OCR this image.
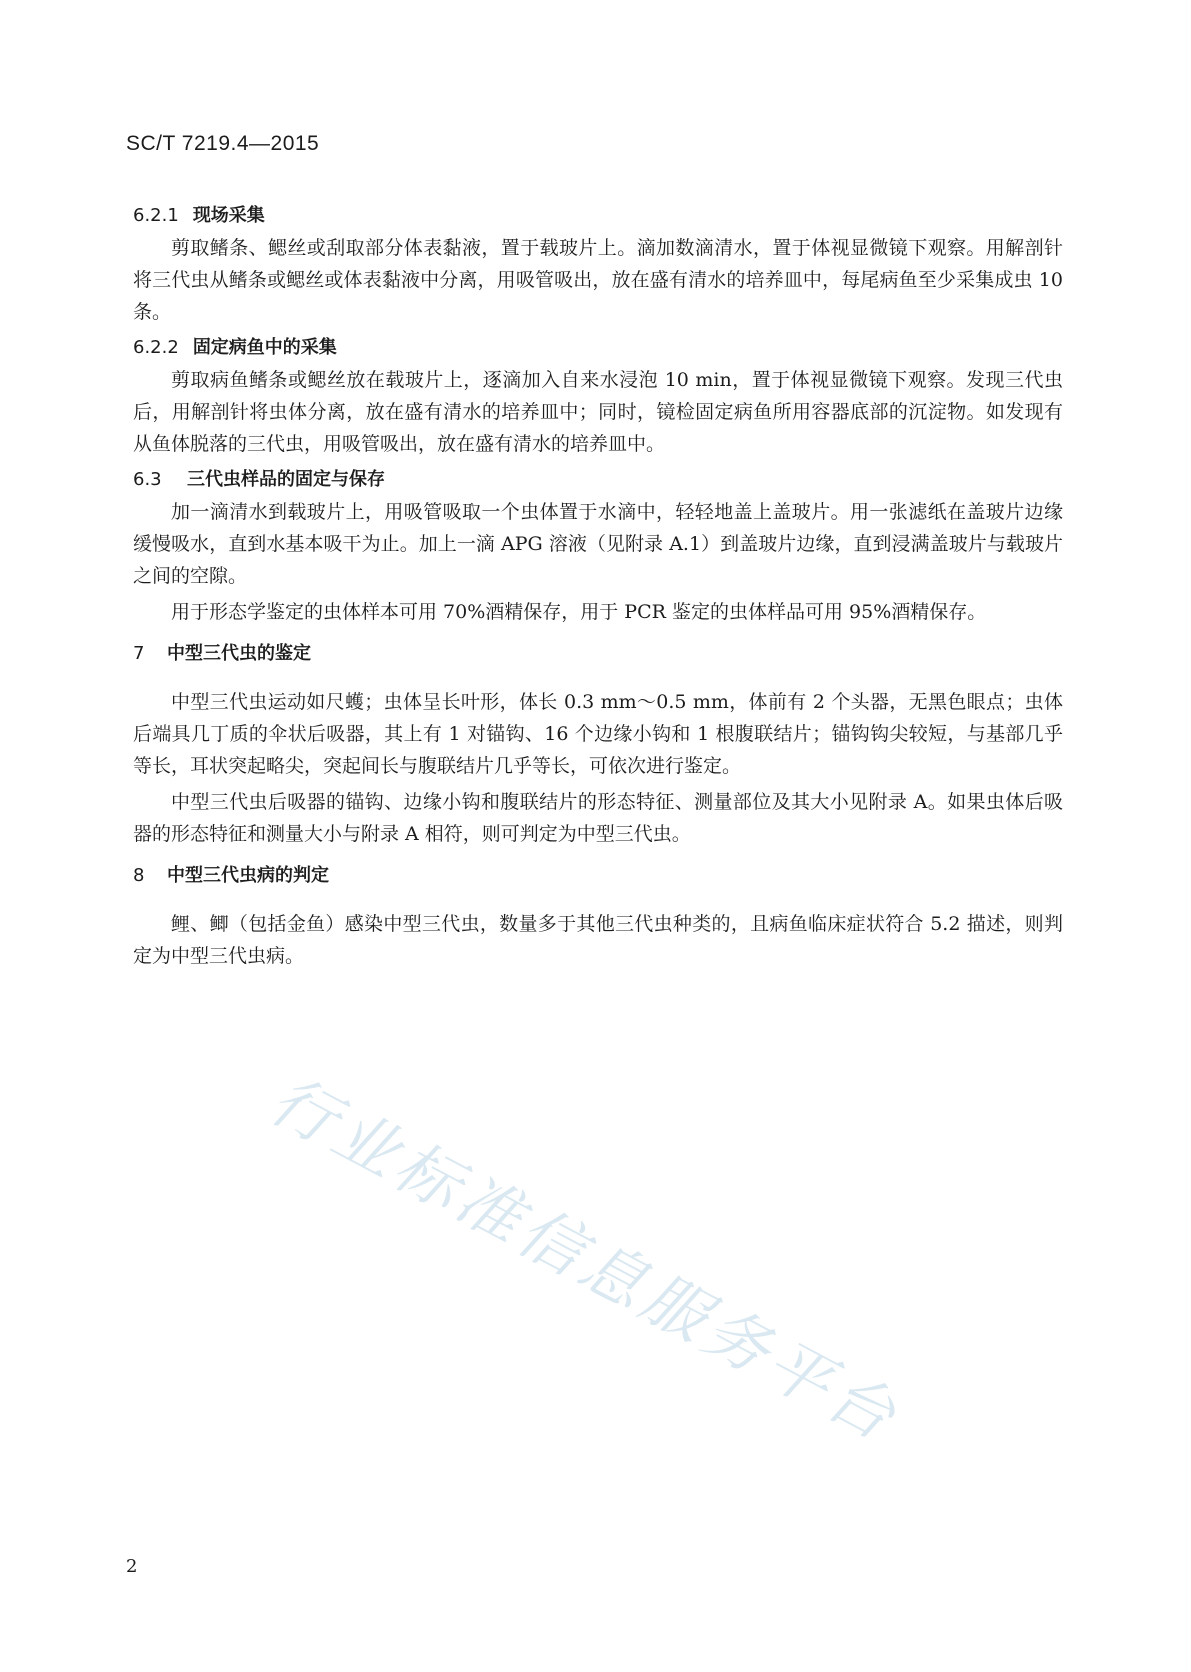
SC/T 7219.4—2015
6.2.1 现场采集

剪取鳍条、鳃丝或刮取部分体表黏液，置于载玻片上。滴加数滴清水，置于体视显微镜下观察。用解剖针将三代虫从鳍条或鳃丝或体表黏液中分离，用吸管吸出，放在盛有清水的培养皿中，每尾病鱼至少采集成虫 10 条。

6.2.2 固定病鱼中的采集

剪取病鱼鳍条或鳃丝放在载玻片上，逐滴加入自来水浸泡 10 min，置于体视显微镜下观察。发现三代虫后，用解剖针将虫体分离，放在盛有清水的培养皿中；同时，镜检固定病鱼所用容器底部的沉淀物。如发现有从鱼体脱落的三代虫，用吸管吸出，放在盛有清水的培养皿中。

6.3 三代虫样品的固定与保存

加一滴清水到载玻片上，用吸管吸取一个虫体置于水滴中，轻轻地盖上盖玻片。用一张滤纸在盖玻片边缘缓慢吸水，直到水基本吸干为止。加上一滴 APG 溶液（见附录 A.1）到盖玻片边缘，直到浸满盖玻片与载玻片之间的空隙。

用于形态学鉴定的虫体样本可用 70%酒精保存，用于 PCR 鉴定的虫体样品可用 95%酒精保存。

7 中型三代虫的鉴定

中型三代虫运动如尺蠖；虫体呈长叶形，体长 0.3 mm～0.5 mm，体前有 2 个头器，无黑色眼点；虫体后端具几丁质的伞状后吸器，其上有 1 对锚钩、16 个边缘小钩和 1 根腹联结片；锚钩钩尖较短，与基部几乎等长，耳状突起略尖，突起间长与腹联结片几乎等长，可依次进行鉴定。

中型三代虫后吸器的锚钩、边缘小钩和腹联结片的形态特征、测量部位及其大小见附录 A。如果虫体后吸器的形态特征和测量大小与附录 A 相符，则可判定为中型三代虫。

8 中型三代虫病的判定

鲤、鲫（包括金鱼）感染中型三代虫，数量多于其他三代虫种类的，且病鱼临床症状符合 5.2 描述，则判定为中型三代虫病。

行业标准信息服务平台
2
